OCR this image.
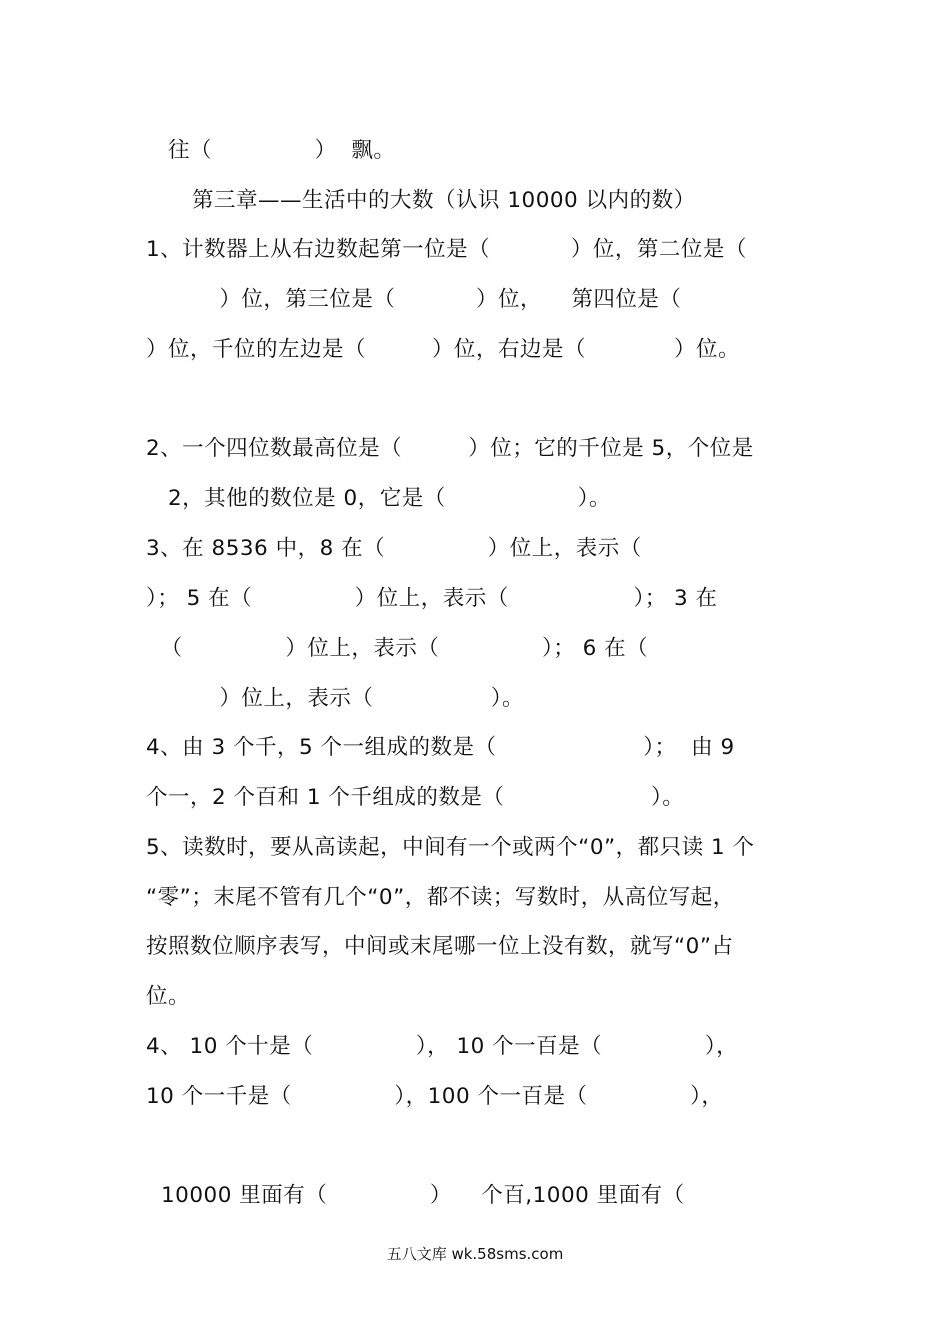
往（              ）  飘。
第三章——生活中的大数（认识 10000 以内的数）
1、计数器上从右边数起第一位是（           ）位，第二位是（
）位，第三位是（           ）位，    第四位是（
）位，千位的左边是（         ）位，右边是（            ）位。
2、一个四位数最高位是（         ）位；它的千位是 5，个位是
2，其他的数位是 0，它是（                  ）。
3、在 8536 中，8 在（              ）位上，表示（
）； 5 在（              ）位上，表示（                 ）； 3 在
（              ）位上，表示（              ）； 6 在（
）位上，表示（                ）。
4、由 3 个千，5 个一组成的数是（                    ）；  由 9
个一，2 个百和 1 个千组成的数是（                    ）。
5、读数时，要从高读起，中间有一个或两个“0”，都只读 1 个
“零”；末尾不管有几个“0”，都不读；写数时，从高位写起，
按照数位顺序表写，中间或末尾哪一位上没有数，就写“0”占
位。
4、 10 个十是（              ）， 10 个一百是（              ），
10 个一千是（              ），100 个一百是（              ），
10000 里面有（              ）    个百,1000 里面有（
五八文库 wk.58sms.com
